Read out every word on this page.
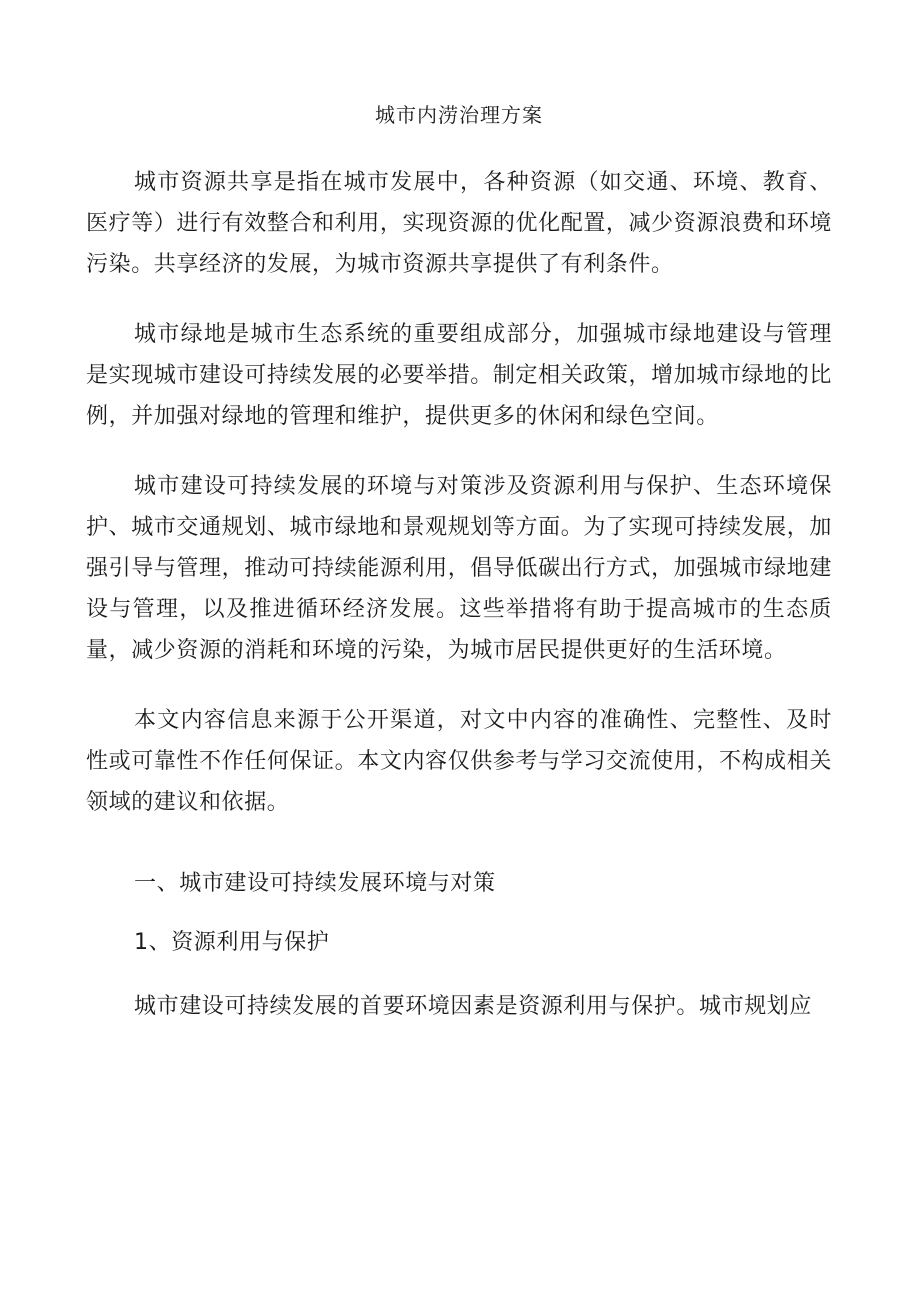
城市内涝治理方案

城市资源共享是指在城市发展中，各种资源（如交通、环境、教育、医疗等）进行有效整合和利用，实现资源的优化配置，减少资源浪费和环境污染。共享经济的发展，为城市资源共享提供了有利条件。

城市绿地是城市生态系统的重要组成部分，加强城市绿地建设与管理是实现城市建设可持续发展的必要举措。制定相关政策，增加城市绿地的比例，并加强对绿地的管理和维护，提供更多的休闲和绿色空间。

城市建设可持续发展的环境与对策涉及资源利用与保护、生态环境保护、城市交通规划、城市绿地和景观规划等方面。为了实现可持续发展，加强引导与管理，推动可持续能源利用，倡导低碳出行方式，加强城市绿地建设与管理，以及推进循环经济发展。这些举措将有助于提高城市的生态质量，减少资源的消耗和环境的污染，为城市居民提供更好的生活环境。

本文内容信息来源于公开渠道，对文中内容的准确性、完整性、及时性或可靠性不作任何保证。本文内容仅供参考与学习交流使用，不构成相关领域的建议和依据。

一、城市建设可持续发展环境与对策
1、资源利用与保护

城市建设可持续发展的首要环境因素是资源利用与保护。城市规划应
